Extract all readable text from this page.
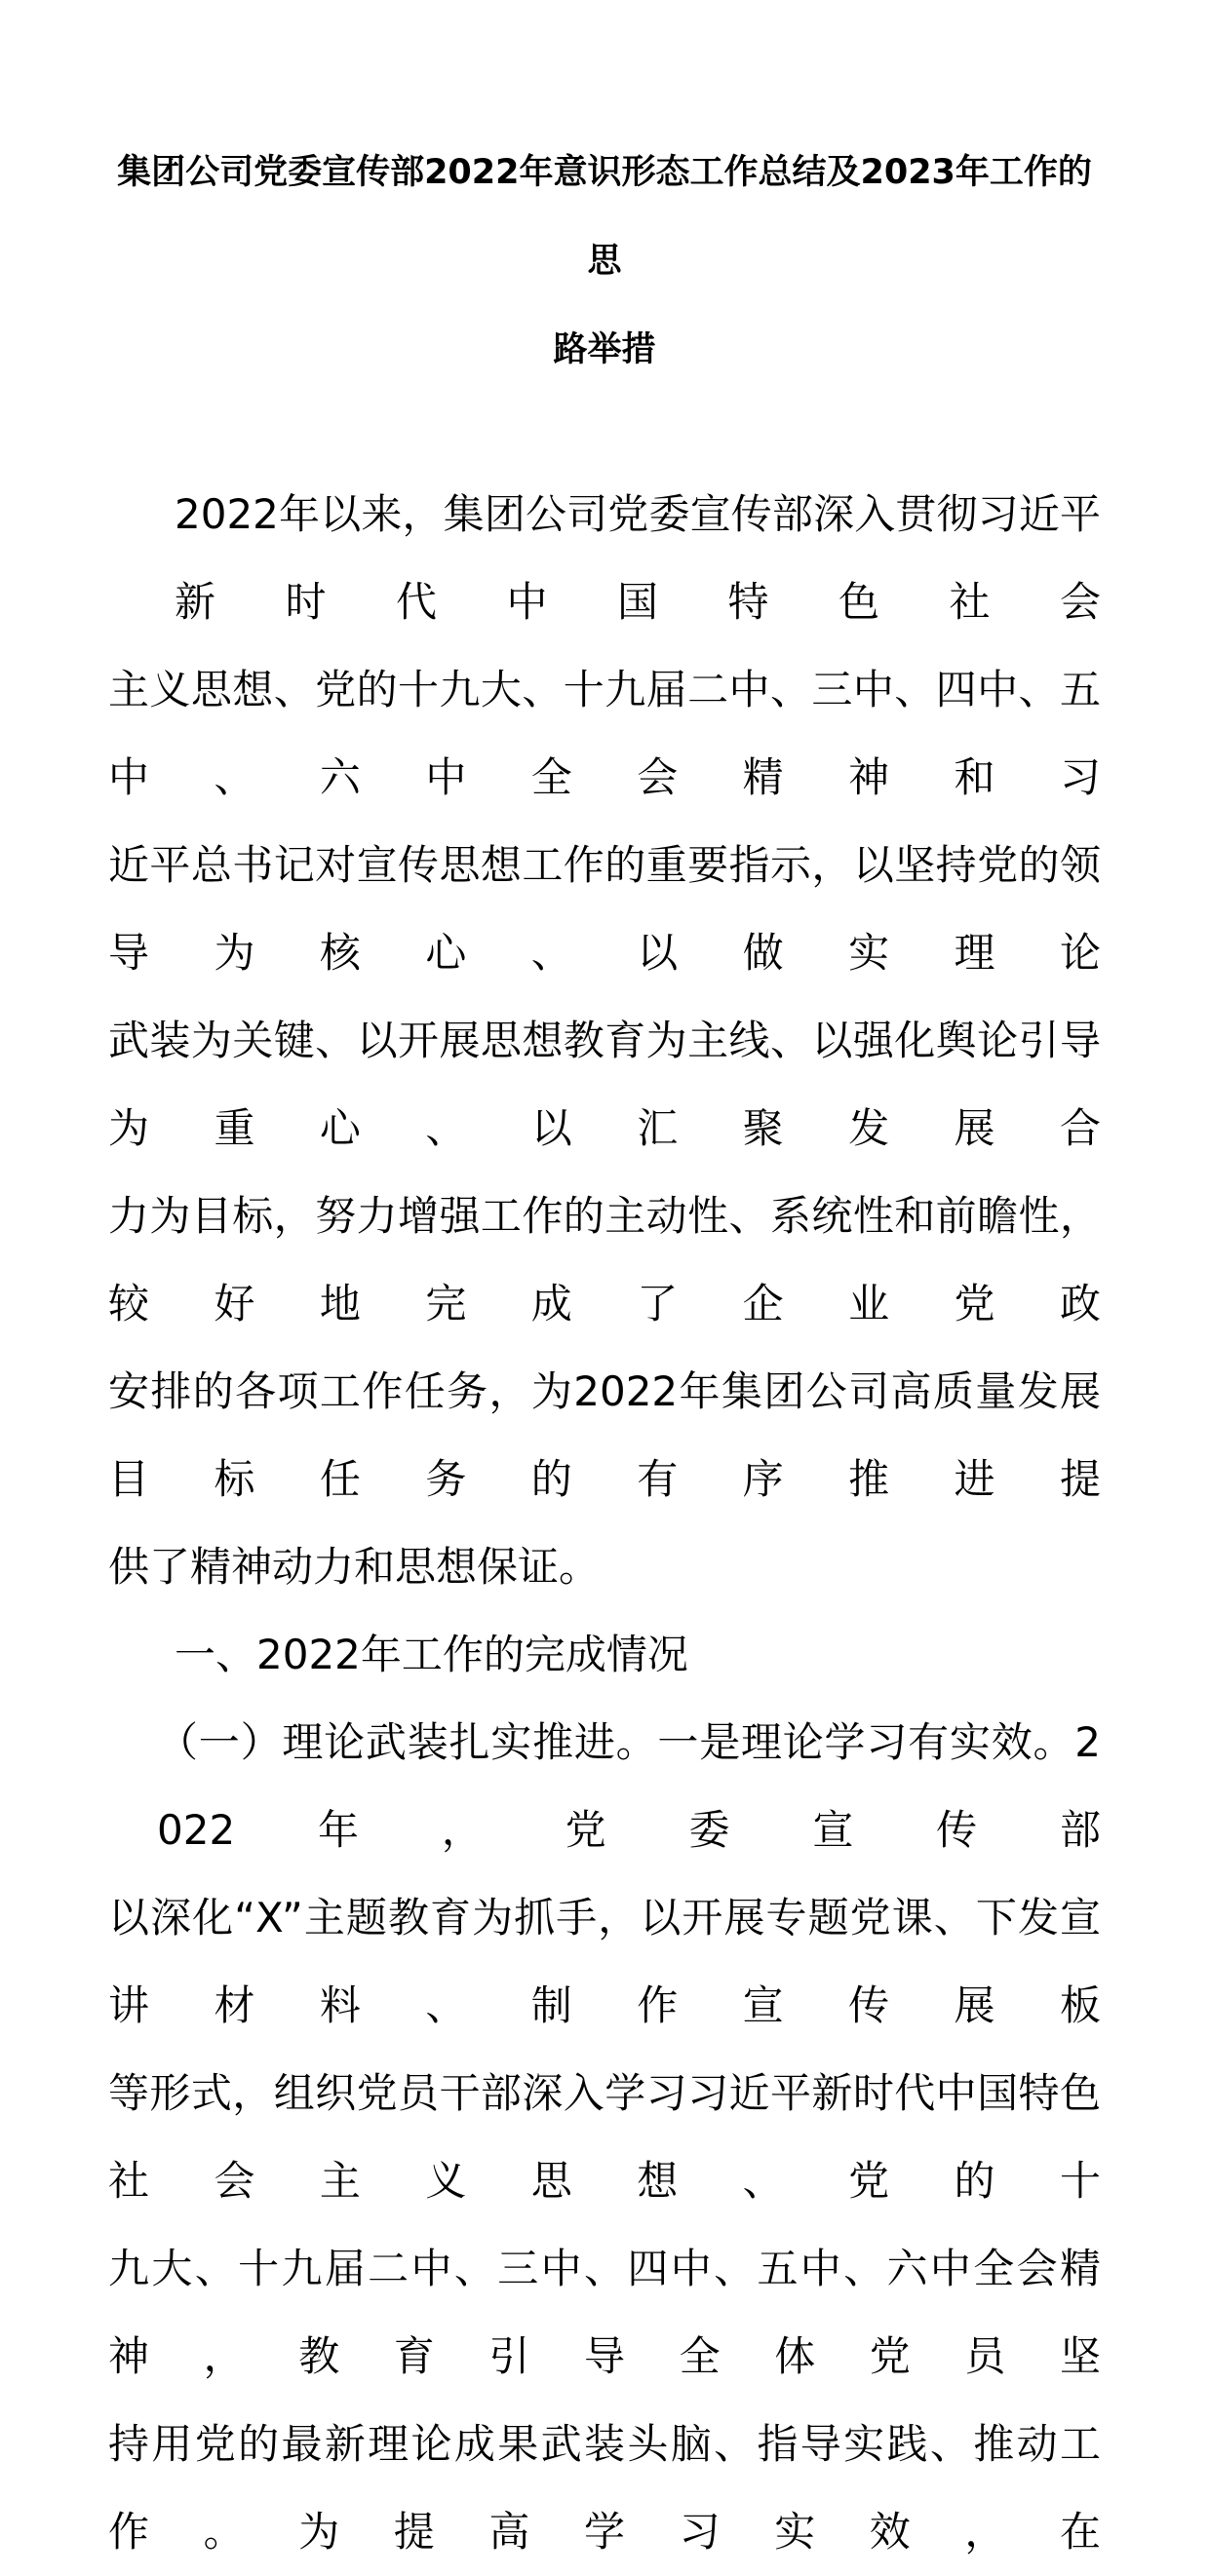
集团公司党委宣传部2022年意识形态工作总结及2023年工作的思
路举措
2022年以来，集团公司党委宣传部深入贯彻习近平新时代中国特色社会
主义思想、党的十九大、十九届二中、三中、四中、五中、六中全会精神和习
近平总书记对宣传思想工作的重要指示，以坚持党的领导为核心、以做实理论
武装为关键、以开展思想教育为主线、以强化舆论引导为重心、以汇聚发展合
力为目标，努力增强工作的主动性、系统性和前瞻性，较好地完成了企业党政
安排的各项工作任务，为2022年集团公司高质量发展目标任务的有序推进提
供了精神动力和思想保证。
一、2022年工作的完成情况
（一）理论武装扎实推进。一是理论学习有实效。2022年，党委宣传部
以深化“X”主题教育为抓手，以开展专题党课、下发宣讲材料、制作宣传展板
等形式，组织党员干部深入学习习近平新时代中国特色社会主义思想、党的十
九大、十九届二中、三中、四中、五中、六中全会精神，教育引导全体党员坚
持用党的最新理论成果武装头脑、指导实践、推动工作。为提高学习实效，在
